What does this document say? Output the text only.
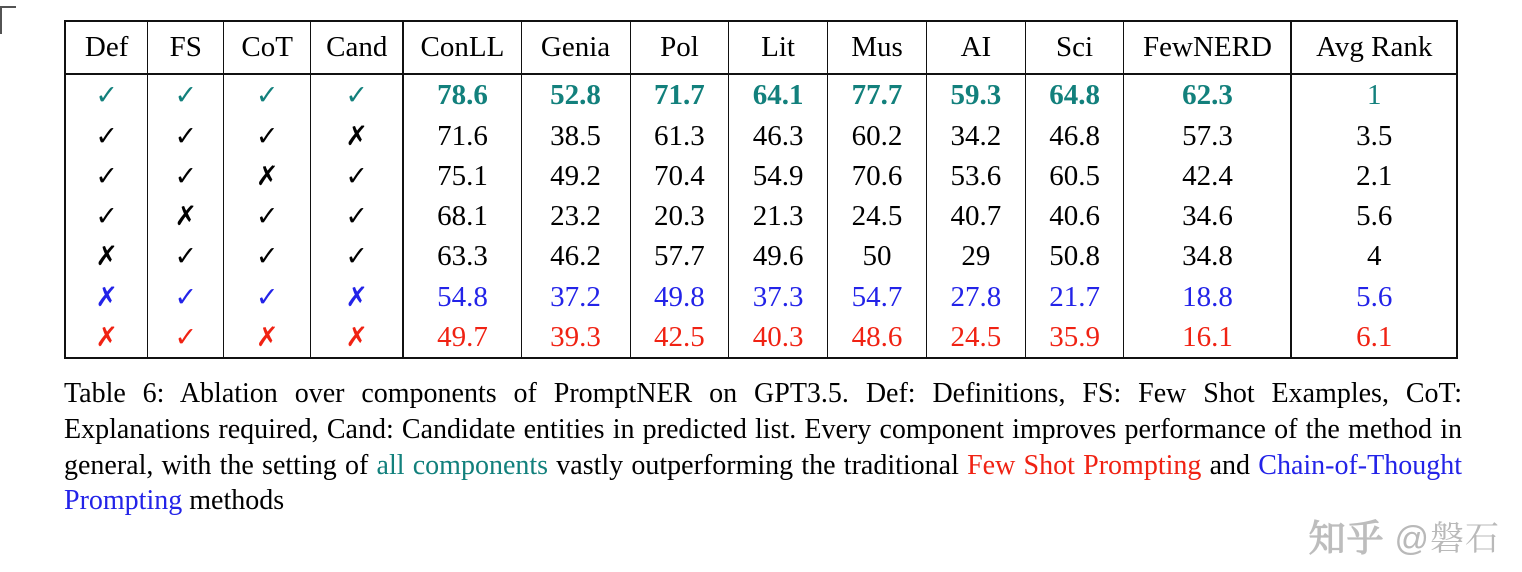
Def	FS	CoT	Cand	ConLL	Genia	Pol	Lit	Mus	AI	Sci	FewNERD	Avg Rank
✓	✓	✓	✓	78.6	52.8	71.7	64.1	77.7	59.3	64.8	62.3	1
✓	✓	✓	✗	71.6	38.5	61.3	46.3	60.2	34.2	46.8	57.3	3.5
✓	✓	✗	✓	75.1	49.2	70.4	54.9	70.6	53.6	60.5	42.4	2.1
✓	✗	✓	✓	68.1	23.2	20.3	21.3	24.5	40.7	40.6	34.6	5.6
✗	✓	✓	✓	63.3	46.2	57.7	49.6	50	29	50.8	34.8	4
✗	✓	✓	✗	54.8	37.2	49.8	37.3	54.7	27.8	21.7	18.8	5.6
✗	✓	✗	✗	49.7	39.3	42.5	40.3	48.6	24.5	35.9	16.1	6.1
Table 6: Ablation over components of PromptNER on GPT3.5. Def: Definitions, FS: Few Shot Examples, CoT: Explanations required, Cand: Candidate entities in predicted list. Every component improves performance of the method in general, with the setting of all components vastly outperforming the traditional Few Shot Prompting and Chain-of-Thought Prompting methods
知乎 @磐石
